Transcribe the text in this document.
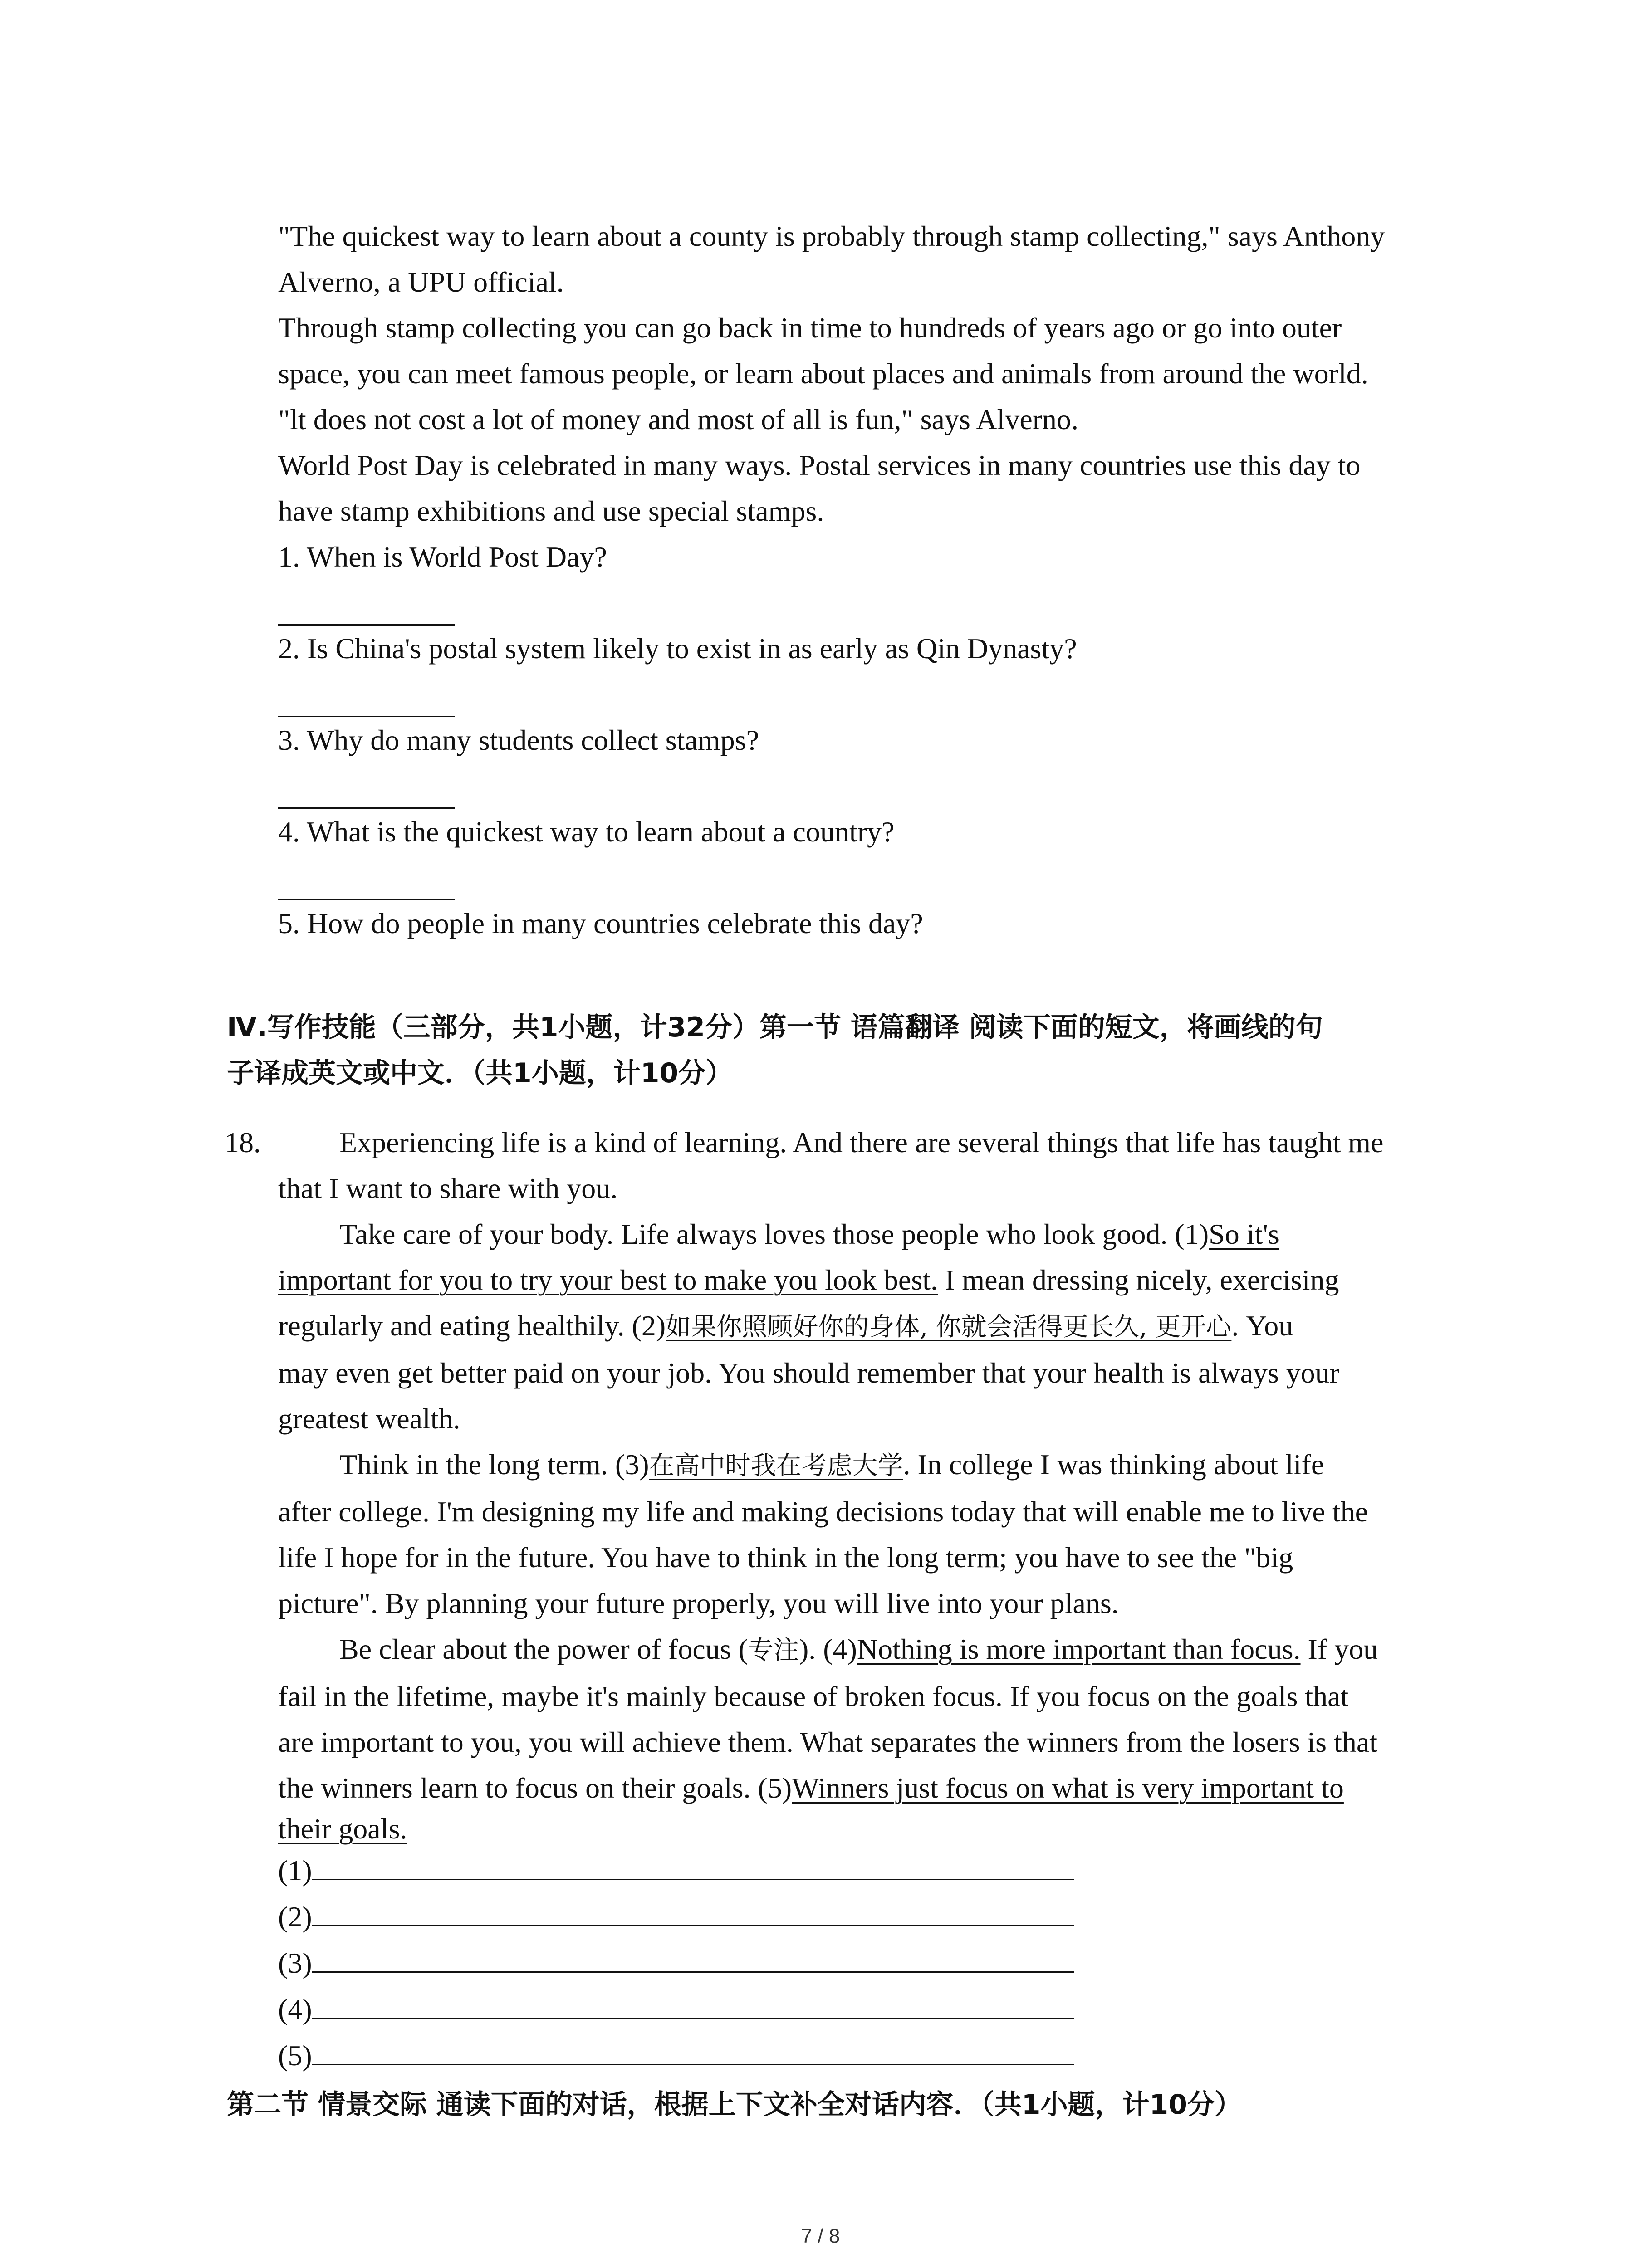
"The quickest way to learn about a county is probably through stamp collecting," says Anthony
Alverno, a UPU official.
Through stamp collecting you can go back in time to hundreds of years ago or go into outer
space, you can meet famous people, or learn about places and animals from around the world.
"lt does not cost a lot of money and most of all is fun," says Alverno.
World Post Day is celebrated in many ways. Postal services in many countries use this day to
have stamp exhibitions and use special stamps.
1. When is World Post Day?
2. Is China's postal system likely to exist in as early as Qin Dynasty?
3. Why do many students collect stamps?
4. What is the quickest way to learn about a country?
5. How do people in many countries celebrate this day?
Ⅳ.写作技能（三部分，共1小题，计32分）第一节 语篇翻译 阅读下面的短文，将画线的句
子译成英文或中文．（共1小题，计10分）
18.	Experiencing life is a kind of learning. And there are several things that life has taught me
that I want to share with you.
Take care of your body. Life always loves those people who look good. (1)So it's
important for you to try your best to make you look best. I mean dressing nicely, exercising
regularly and eating healthily. (2)如果你照顾好你的身体, 你就会活得更长久, 更开心. You
may even get better paid on your job. You should remember that your health is always your
greatest wealth.
Think in the long term. (3)在高中时我在考虑大学. In college I was thinking about life
after college. I'm designing my life and making decisions today that will enable me to live the
life I hope for in the future. You have to think in the long term; you have to see the "big
picture". By planning your future properly, you will live into your plans.
Be clear about the power of focus (专注). (4)Nothing is more important than focus. If you
fail in the lifetime, maybe it's mainly because of broken focus. If you focus on the goals that
are important to you, you will achieve them. What separates the winners from the losers is that
the winners learn to focus on their goals. (5)Winners just focus on what is very important to
their goals.
(1)
(2)
(3)
(4)
(5)
第二节 情景交际 通读下面的对话，根据上下文补全对话内容．（共1小题，计10分）
7 / 8
